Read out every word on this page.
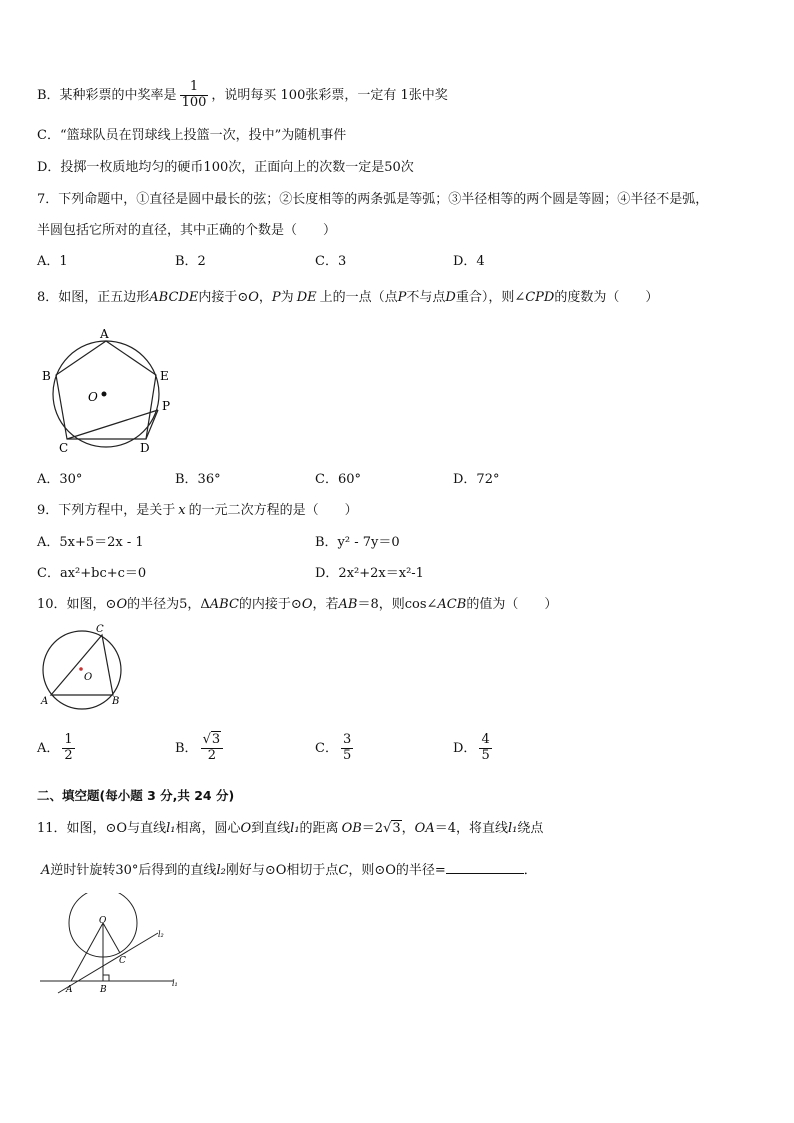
B．某种彩票的中奖率是 $\frac{1}{100}$ ，说明每买 100张彩票，一定有 1张中奖
C．“篮球队员在罚球线上投篮一次，投中”为随机事件
D．投掷一枚质地均匀的硬币100次，正面向上的次数一定是50次
7．下列命题中，①直径是圆中最长的弦；②长度相等的两条弧是等弧；③半径相等的两个圆是等圆；④半径不是弧，
半圆包括它所对的直径，其中正确的个数是（　　）
A．1	B．2	C．3	D．4
8．如图，正五边形ABCDE内接于⊙O，P为 DE 上的一点（点P不与点D重合），则∠CPD的度数为（　　）
A
B
C	D
E
P
O
A．30°	B．36°	C．60°	D．72°
9．下列方程中，是关于 x 的一元二次方程的是（　　）
A．5x+5＝2x - 1	B．y² - 7y＝0
C．ax²+bc+c＝0	D．2x²+2x＝x²-1
10．如图，⊙O的半径为5，ΔABC的内接于⊙O，若AB＝8，则cos∠ACB的值为（　　）
C
A	B
O
A． $\frac{1}{2}$	B． $\frac{√3}{2}$	C． $\frac{3}{5}$	D． $\frac{4}{5}$
二、填空题(每小题 3 分,共 24 分)
11．如图，⊙O与直线l₁相离，圆心O到直线l₁的距离 OB＝2√3，OA＝4，将直线l₁绕点
A逆时针旋转30°后得到的直线l₂刚好与⊙O相切于点C，则⊙O的半径=	．
O
A	B
C
l₁
l₂
